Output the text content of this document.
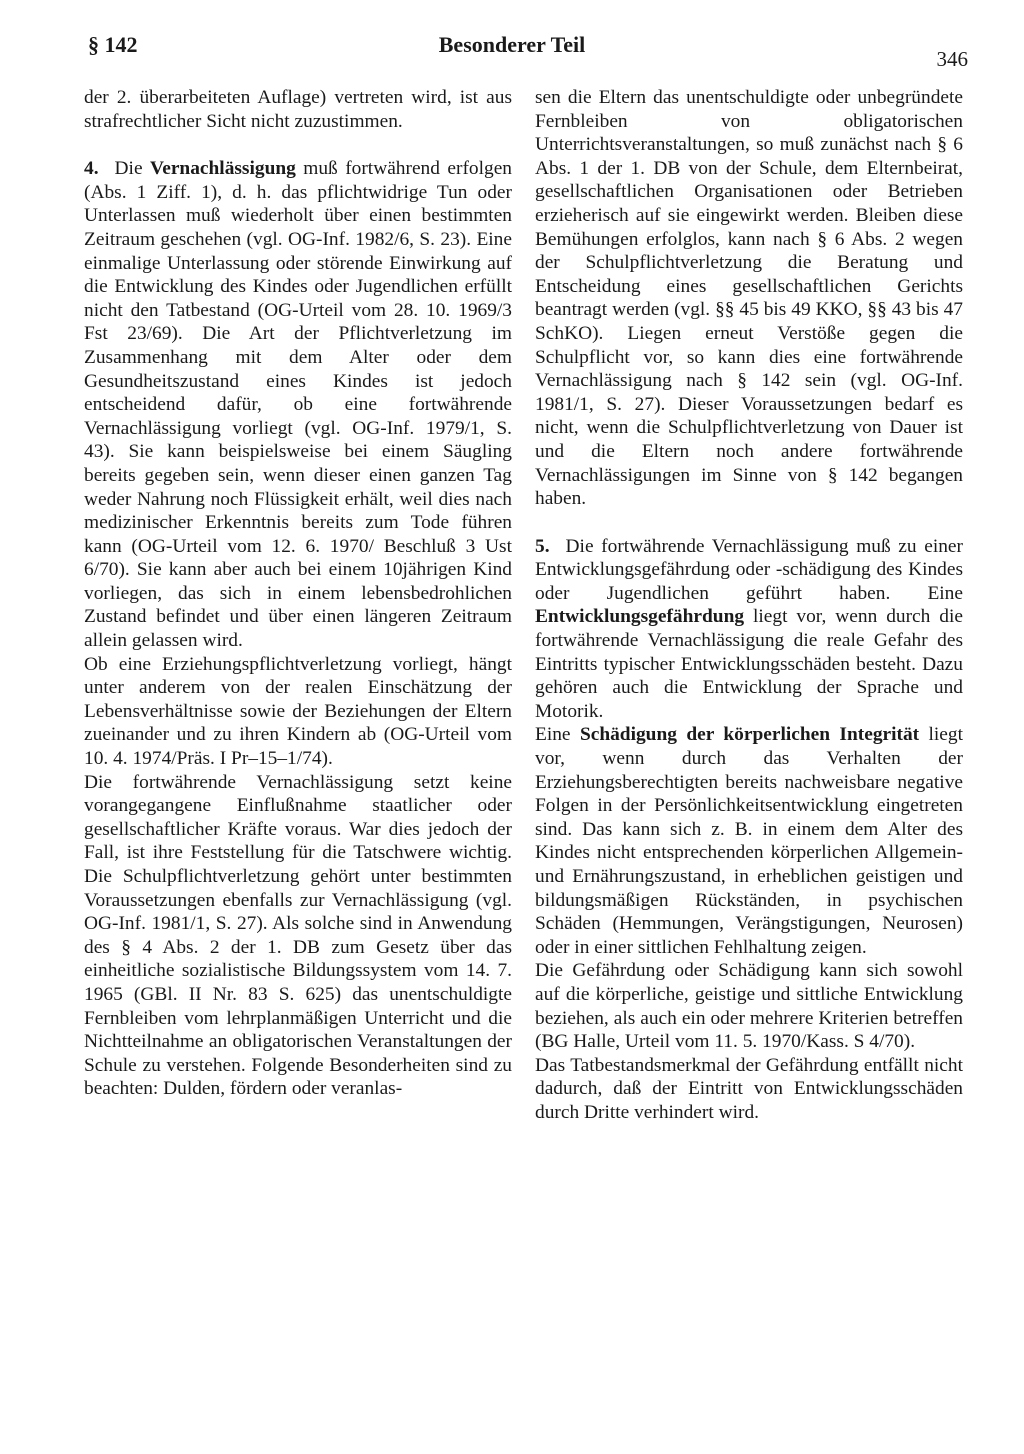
Besonderer Teil
§ 142
346

der 2. überarbeiteten Auflage) vertreten wird, ist aus strafrechtlicher Sicht nicht zuzustimmen.

4. Die Vernachlässigung muß fortwährend erfolgen (Abs. 1 Ziff. 1), d. h. das pflichtwidrige Tun oder Unterlassen muß wiederholt über einen bestimmten Zeitraum geschehen (vgl. OG-Inf. 1982/6, S. 23). Eine einmalige Unterlassung oder störende Einwirkung auf die Entwicklung des Kindes oder Jugendlichen erfüllt nicht den Tatbestand (OG-Urteil vom 28. 10. 1969/3 Fst 23/69). Die Art der Pflichtverletzung im Zusammenhang mit dem Alter oder dem Gesundheitszustand eines Kindes ist jedoch entscheidend dafür, ob eine fortwährende Vernachlässigung vorliegt (vgl. OG-Inf. 1979/1, S. 43). Sie kann beispielsweise bei einem Säugling bereits gegeben sein, wenn dieser einen ganzen Tag weder Nahrung noch Flüssigkeit erhält, weil dies nach medizinischer Erkenntnis bereits zum Tode führen kann (OG-Urteil vom 12. 6. 1970/ Beschluß 3 Ust 6/70). Sie kann aber auch bei einem 10jährigen Kind vorliegen, das sich in einem lebensbedrohlichen Zustand befindet und über einen längeren Zeitraum allein gelassen wird.

Ob eine Erziehungspflichtverletzung vorliegt, hängt unter anderem von der realen Einschätzung der Lebensverhältnisse sowie der Beziehungen der Eltern zueinander und zu ihren Kindern ab (OG-Urteil vom 10. 4. 1974/Präs. I Pr–15–1/74).

Die fortwährende Vernachlässigung setzt keine vorangegangene Einflußnahme staatlicher oder gesellschaftlicher Kräfte voraus. War dies jedoch der Fall, ist ihre Feststellung für die Tatschwere wichtig. Die Schulpflichtverletzung gehört unter bestimmten Voraussetzungen ebenfalls zur Vernachlässigung (vgl. OG-Inf. 1981/1, S. 27). Als solche sind in Anwendung des § 4 Abs. 2 der 1. DB zum Gesetz über das einheitliche sozialistische Bildungssystem vom 14. 7. 1965 (GBl. II Nr. 83 S. 625) das unentschuldigte Fernbleiben vom lehrplanmäßigen Unterricht und die Nichtteilnahme an obligatorischen Veranstaltungen der Schule zu verstehen. Folgende Besonderheiten sind zu beachten: Dulden, fördern oder veranlas-

sen die Eltern das unentschuldigte oder unbegründete Fernbleiben von obligatorischen Unterrichtsveranstaltungen, so muß zunächst nach § 6 Abs. 1 der 1. DB von der Schule, dem Elternbeirat, gesellschaftlichen Organisationen oder Betrieben erzieherisch auf sie eingewirkt werden. Bleiben diese Bemühungen erfolglos, kann nach § 6 Abs. 2 wegen der Schulpflichtverletzung die Beratung und Entscheidung eines gesellschaftlichen Gerichts beantragt werden (vgl. §§ 45 bis 49 KKO, §§ 43 bis 47 SchKO). Liegen erneut Verstöße gegen die Schulpflicht vor, so kann dies eine fortwährende Vernachlässigung nach § 142 sein (vgl. OG-Inf. 1981/1, S. 27). Dieser Voraussetzungen bedarf es nicht, wenn die Schulpflichtverletzung von Dauer ist und die Eltern noch andere fortwährende Vernachlässigungen im Sinne von § 142 begangen haben.

5. Die fortwährende Vernachlässigung muß zu einer Entwicklungsgefährdung oder -schädigung des Kindes oder Jugendlichen geführt haben. Eine Entwicklungsgefährdung liegt vor, wenn durch die fortwährende Vernachlässigung die reale Gefahr des Eintritts typischer Entwicklungsschäden besteht. Dazu gehören auch die Entwicklung der Sprache und Motorik.

Eine Schädigung der körperlichen Integrität liegt vor, wenn durch das Verhalten der Erziehungsberechtigten bereits nachweisbare negative Folgen in der Persönlichkeitsentwicklung eingetreten sind. Das kann sich z. B. in einem dem Alter des Kindes nicht entsprechenden körperlichen Allgemein- und Ernährungszustand, in erheblichen geistigen und bildungsmäßigen Rückständen, in psychischen Schäden (Hemmungen, Verängstigungen, Neurosen) oder in einer sittlichen Fehlhaltung zeigen.

Die Gefährdung oder Schädigung kann sich sowohl auf die körperliche, geistige und sittliche Entwicklung beziehen, als auch ein oder mehrere Kriterien betreffen (BG Halle, Urteil vom 11. 5. 1970/Kass. S 4/70).

Das Tatbestandsmerkmal der Gefährdung entfällt nicht dadurch, daß der Eintritt von Entwicklungsschäden durch Dritte verhindert wird.
